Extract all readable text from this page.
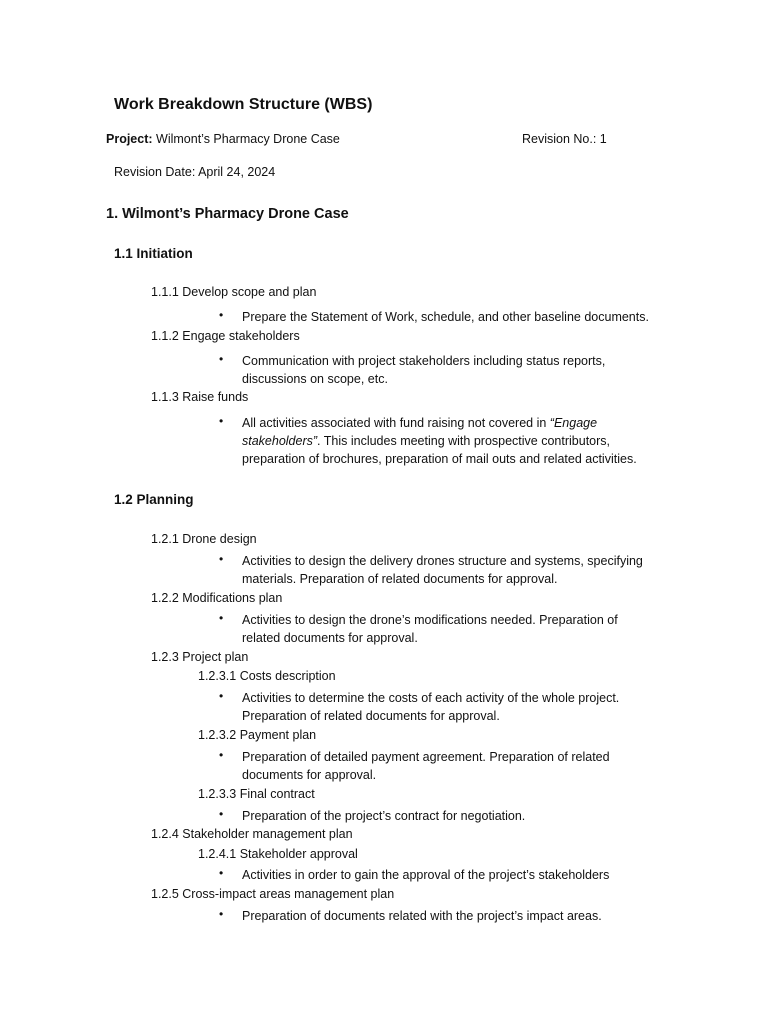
Work Breakdown Structure (WBS)
Project: Wilmont’s Pharmacy Drone Case	Revision No.: 1
Revision Date: April 24, 2024
1. Wilmont’s Pharmacy Drone Case
1.1 Initiation
1.1.1 Develop scope and plan
• Prepare the Statement of Work, schedule, and other baseline documents.
1.1.2 Engage stakeholders
• Communication with project stakeholders including status reports, discussions on scope, etc.
1.1.3 Raise funds
• All activities associated with fund raising not covered in “Engage stakeholders”. This includes meeting with prospective contributors, preparation of brochures, preparation of mail outs and related activities.
1.2 Planning
1.2.1 Drone design
• Activities to design the delivery drones structure and systems, specifying materials. Preparation of related documents for approval.
1.2.2 Modifications plan
• Activities to design the drone’s modifications needed. Preparation of related documents for approval.
1.2.3 Project plan
1.2.3.1 Costs description
• Activities to determine the costs of each activity of the whole project. Preparation of related documents for approval.
1.2.3.2 Payment plan
• Preparation of detailed payment agreement. Preparation of related documents for approval.
1.2.3.3 Final contract
• Preparation of the project’s contract for negotiation.
1.2.4 Stakeholder management plan
1.2.4.1 Stakeholder approval
• Activities in order to gain the approval of the project’s stakeholders
1.2.5 Cross-impact areas management plan
• Preparation of documents related with the project’s impact areas.
